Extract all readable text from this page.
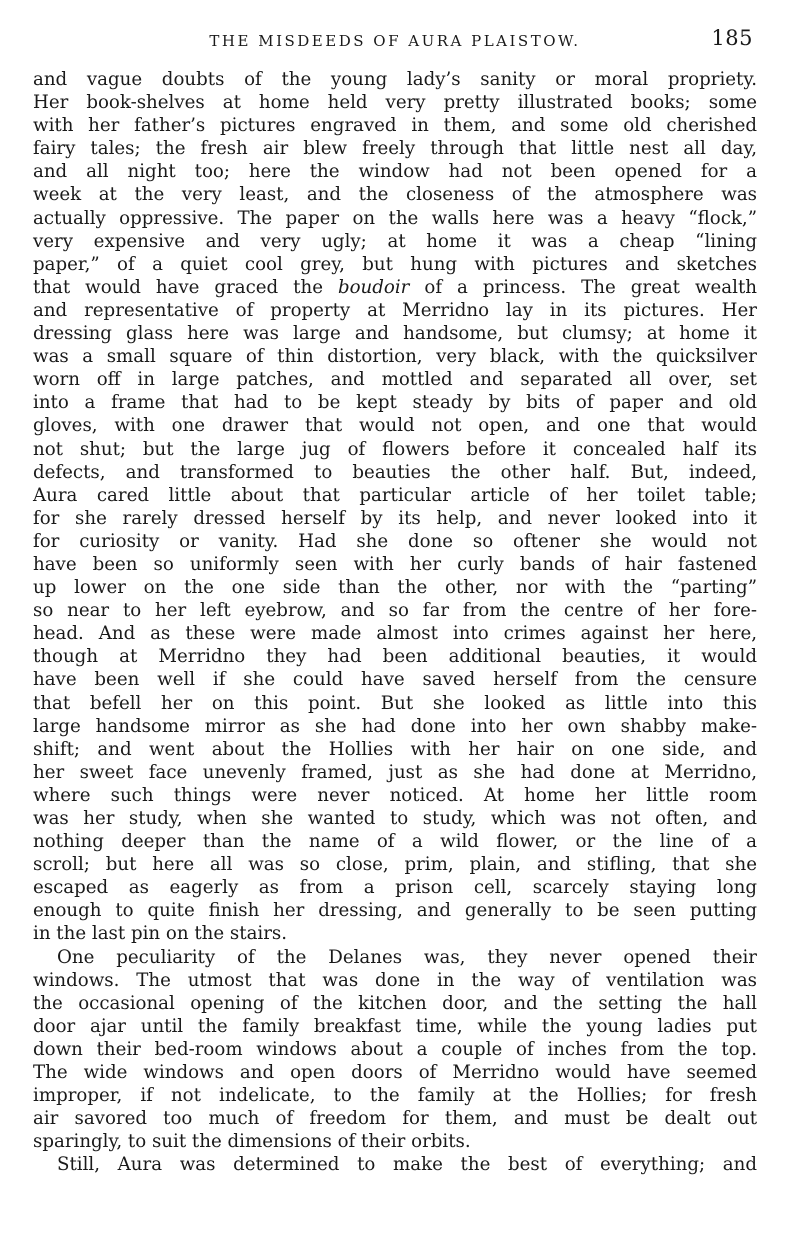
THE MISDEEDS OF AURA PLAISTOW.	185

and vague doubts of the young lady’s sanity or moral propriety.
Her book-shelves at home held very pretty illustrated books; some
with her father’s pictures engraved in them, and some old cherished
fairy tales; the fresh air blew freely through that little nest all day,
and all night too; here the window had not been opened for a
week at the very least, and the closeness of the atmosphere was
actually oppressive. The paper on the walls here was a heavy “flock,”
very expensive and very ugly; at home it was a cheap “lining
paper,” of a quiet cool grey, but hung with pictures and sketches
that would have graced the boudoir of a princess. The great wealth
and representative of property at Merridno lay in its pictures. Her
dressing glass here was large and handsome, but clumsy; at home it
was a small square of thin distortion, very black, with the quicksilver
worn off in large patches, and mottled and separated all over, set
into a frame that had to be kept steady by bits of paper and old
gloves, with one drawer that would not open, and one that would
not shut; but the large jug of flowers before it concealed half its
defects, and transformed to beauties the other half. But, indeed,
Aura cared little about that particular article of her toilet table;
for she rarely dressed herself by its help, and never looked into it
for curiosity or vanity. Had she done so oftener she would not
have been so uniformly seen with her curly bands of hair fastened
up lower on the one side than the other, nor with the “parting”
so near to her left eyebrow, and so far from the centre of her fore-
head. And as these were made almost into crimes against her here,
though at Merridno they had been additional beauties, it would
have been well if she could have saved herself from the censure
that befell her on this point. But she looked as little into this
large handsome mirror as she had done into her own shabby make-
shift; and went about the Hollies with her hair on one side, and
her sweet face unevenly framed, just as she had done at Merridno,
where such things were never noticed. At home her little room
was her study, when she wanted to study, which was not often, and
nothing deeper than the name of a wild flower, or the line of a
scroll; but here all was so close, prim, plain, and stifling, that she
escaped as eagerly as from a prison cell, scarcely staying long
enough to quite finish her dressing, and generally to be seen putting
in the last pin on the stairs.

One peculiarity of the Delanes was, they never opened their
windows. The utmost that was done in the way of ventilation was
the occasional opening of the kitchen door, and the setting the hall
door ajar until the family breakfast time, while the young ladies put
down their bed-room windows about a couple of inches from the top.
The wide windows and open doors of Merridno would have seemed
improper, if not indelicate, to the family at the Hollies; for fresh
air savored too much of freedom for them, and must be dealt out
sparingly, to suit the dimensions of their orbits.

Still, Aura was determined to make the best of everything; and
